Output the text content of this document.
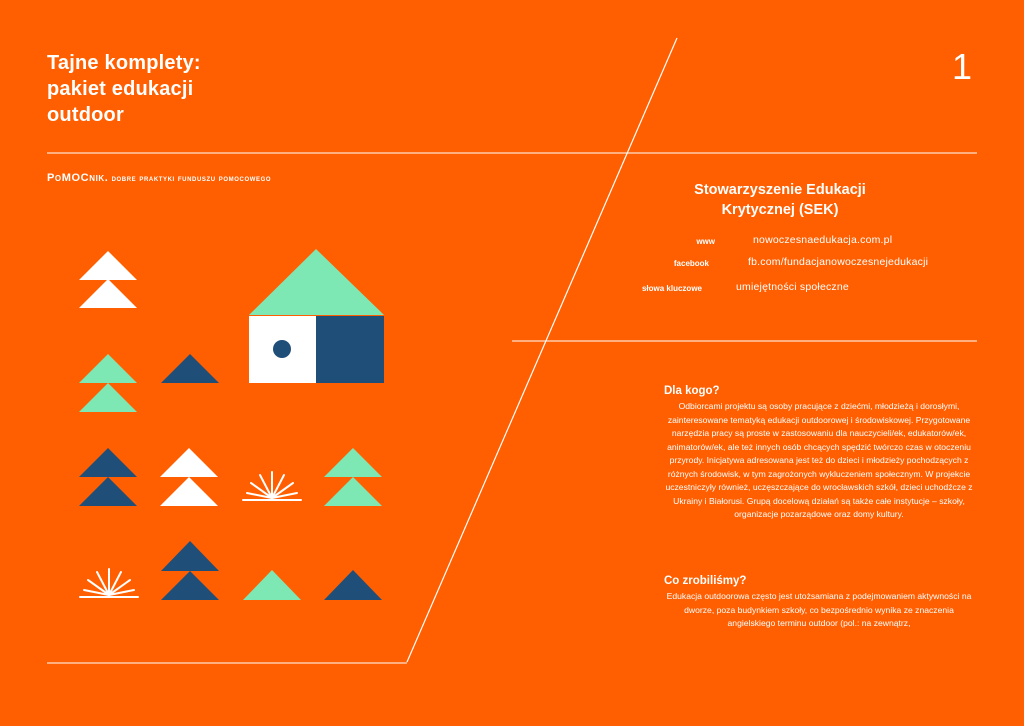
Tajne komplety:
pakiet edukacji
outdoor
1
PoMOCnik. dobre praktyki funduszu pomocowego
Stowarzyszenie Edukacji
Krytycznej (SEK)
www	nowoczesnaedukacja.com.pl
facebook	fb.com/fundacjanowoczesnejedukacji
słowa kluczowe	umiejętności społeczne
Dla kogo?

Odbiorcami projektu są osoby pracujące z dziećmi, młodzieżą i dorosłymi, zainteresowane tematyką edukacji outdoorowej i środowiskowej. Przygotowane narzędzia pracy są proste w zastosowaniu dla nauczycieli/ek, edukatorów/ek, animatorów/ek, ale też innych osób chcących spędzić twórczo czas w otoczeniu przyrody. Inicjatywa adresowana jest też do dzieci i młodzieży pochodzących z różnych środowisk, w tym zagrożonych wykluczeniem społecznym. W projekcie uczestniczyły również, uczęszczające do wrocławskich szkół, dzieci uchodźcze z Ukrainy i Białorusi. Grupą docelową działań są także całe instytucje – szkoły, organizacje pozarządowe oraz domy kultury.

Co zrobiliśmy?

Edukacja outdoorowa często jest utożsamiana z podejmowaniem aktywności na dworze, poza budynkiem szkoły, co bezpośrednio wynika ze znaczenia angielskiego terminu outdoor (pol.: na zewnątrz,
